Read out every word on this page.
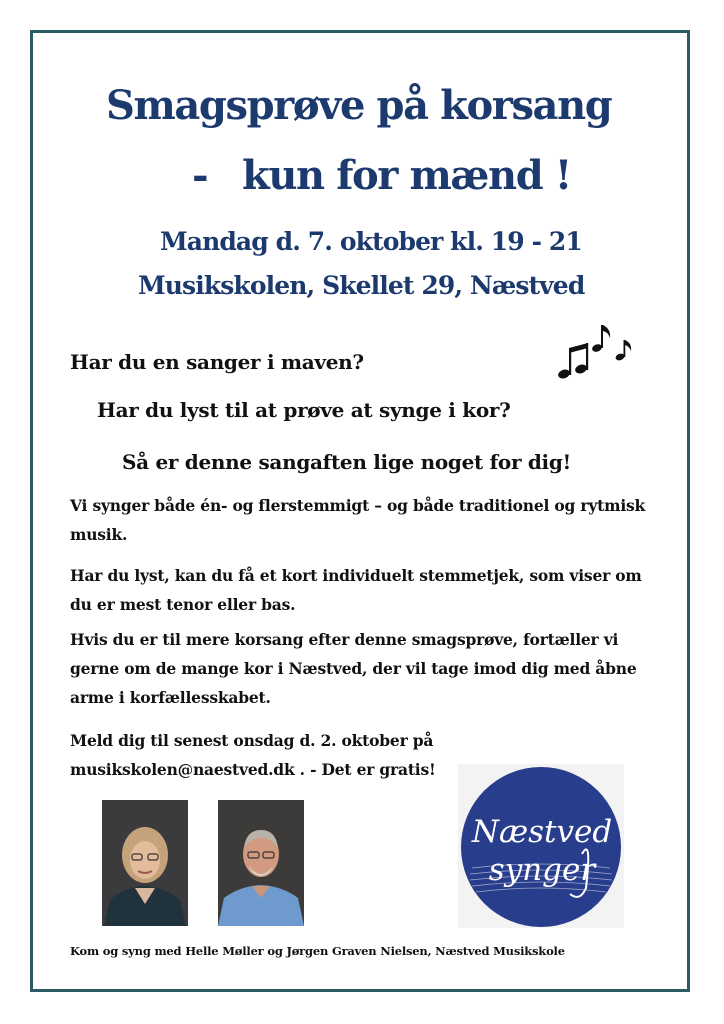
Smagsprøve på korsang
- kun for mænd !
Mandag d. 7. oktober kl. 19 - 21
Musikskolen, Skellet 29, Næstved

Har du en sanger i maven?

Har du lyst til at prøve at synge i kor?

Så er denne sangaften lige noget for dig!

Vi synger både én- og flerstemmigt – og både traditionel og rytmisk musik.

Har du lyst, kan du få et kort individuelt stemmetjek, som viser om du er mest tenor eller bas.

Hvis du er til mere korsang efter denne smagsprøve, fortæller vi gerne om de mange kor i Næstved, der vil tage imod dig med åbne arme i korfællesskabet.

Meld dig til senest onsdag d. 2. oktober på
musikskolen@naestved.dk . - Det er gratis!

Næstved
synger

Kom og syng med Helle Møller og Jørgen Graven Nielsen, Næstved Musikskole
